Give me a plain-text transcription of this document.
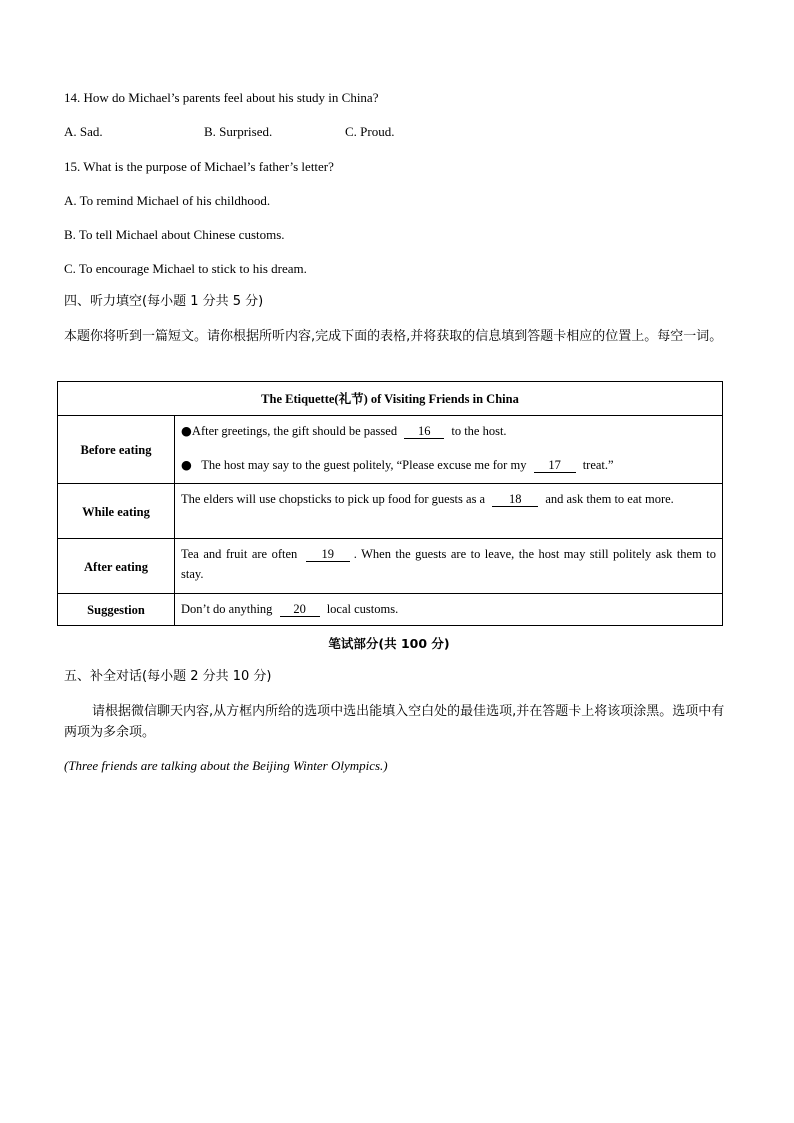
14. How do Michael’s parents feel about his study in China?
A. Sad.	B. Surprised.	C. Proud.
15. What is the purpose of Michael’s father’s letter?
A. To remind Michael of his childhood.
B. To tell Michael about Chinese customs.
C. To encourage Michael to stick to his dream.
四、听力填空(每小题 1 分共 5 分)
本题你将听到一篇短文。请你根据所听内容,完成下面的表格,并将获取的信息填到答题卡相应的位置上。每空一词。
The Etiquette(礼节) of Visiting Friends in China	
Before eating	●After greetings, the gift should be passed 16 to the host.
● The host may say to the guest politely, “Please excuse me for my 17 treat.”

While eating	The elders will use chopsticks to pick up food for guests as a 18 and ask them to eat more.
After eating	Tea and fruit are often 19 . When the guests are to leave, the host may still politely ask them to stay.
Suggestion	Don’t do anything 20 local customs.
笔试部分(共 100 分)
五、补全对话(每小题 2 分共 10 分)
请根据微信聊天内容,从方框内所给的选项中选出能填入空白处的最佳选项,并在答题卡上将该项涂黑。选项中有两项为多余项。
(Three friends are talking about the Beijing Winter Olympics.)
